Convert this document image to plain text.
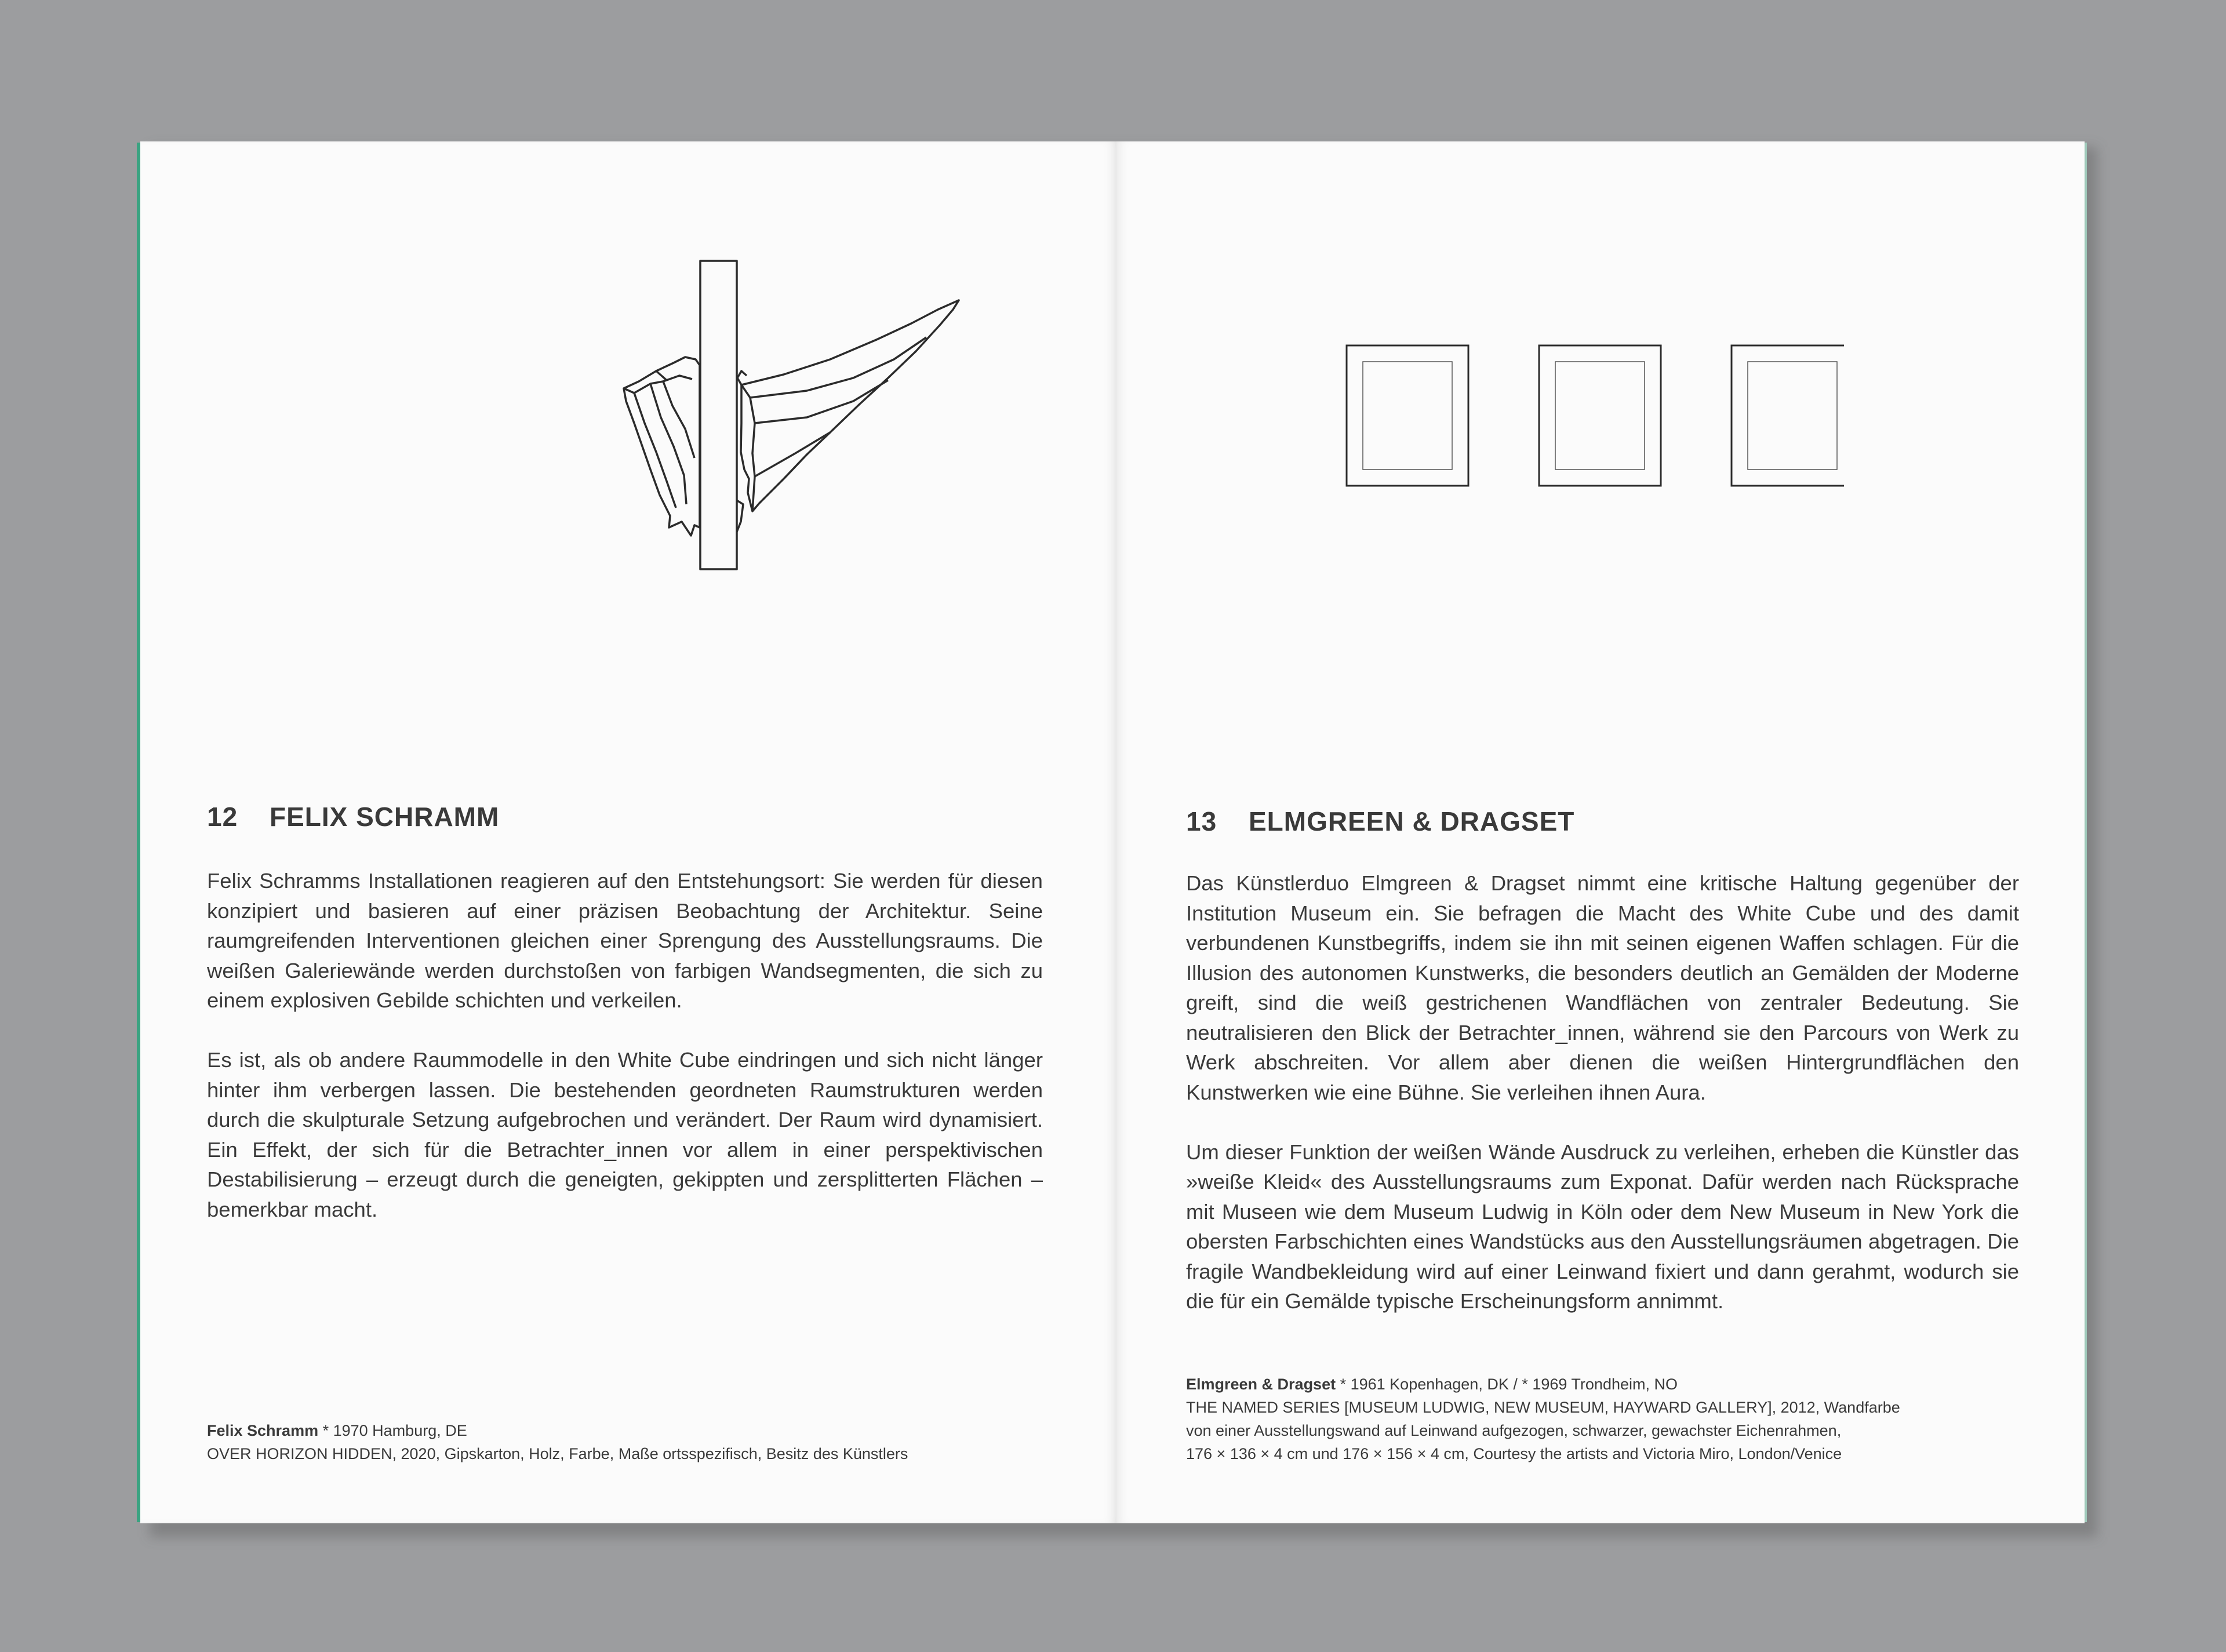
12 FELIX SCHRAMM

Felix Schramms Installationen reagieren auf den Entstehungsort: Sie werden für diesen konzipiert und basieren auf einer präzisen Beobachtung der Architektur. Seine raumgreifenden Interventionen gleichen einer Sprengung des Ausstellungsraums. Die weißen Galeriewände werden durchstoßen von farbigen Wandsegmenten, die sich zu einem explosiven Gebilde schichten und verkeilen.

Es ist, als ob andere Raummodelle in den White Cube eindringen und sich nicht länger hinter ihm verbergen lassen. Die bestehenden geordneten Raumstrukturen werden durch die skulpturale Setzung aufgebrochen und verändert. Der Raum wird dynamisiert. Ein Effekt, der sich für die Betrachter_innen vor allem in einer perspektivischen Destabilisierung – erzeugt durch die geneigten, gekippten und zersplitterten Flächen – bemerkbar macht.

Felix Schramm * 1970 Hamburg, DE
OVER HORIZON HIDDEN, 2020, Gipskarton, Holz, Farbe, Maße ortsspezifisch, Besitz des Künstlers
13 ELMGREEN & DRAGSET

Das Künstlerduo Elmgreen & Dragset nimmt eine kritische Haltung gegenüber der Institution Museum ein. Sie befragen die Macht des White Cube und des damit verbundenen Kunstbegriffs, indem sie ihn mit seinen eigenen Waffen schlagen. Für die Illusion des autonomen Kunstwerks, die besonders deutlich an Gemälden der Moderne greift, sind die weiß gestrichenen Wandflächen von zentraler Bedeutung. Sie neutralisieren den Blick der Betrachter_innen, während sie den Parcours von Werk zu Werk abschreiten. Vor allem aber dienen die weißen Hintergrundflächen den Kunstwerken wie eine Bühne. Sie verleihen ihnen Aura.

Um dieser Funktion der weißen Wände Ausdruck zu verleihen, erheben die Künstler das »weiße Kleid« des Ausstellungsraums zum Exponat. Dafür werden nach Rücksprache mit Museen wie dem Museum Ludwig in Köln oder dem New Museum in New York die obersten Farbschichten eines Wandstücks aus den Ausstellungsräumen abgetragen. Die fragile Wandbekleidung wird auf einer Leinwand fixiert und dann gerahmt, wodurch sie die für ein Gemälde typische Erscheinungsform annimmt.

Elmgreen & Dragset * 1961 Kopenhagen, DK / * 1969 Trondheim, NO
THE NAMED SERIES [MUSEUM LUDWIG, NEW MUSEUM, HAYWARD GALLERY], 2012, Wandfarbe
von einer Ausstellungswand auf Leinwand aufgezogen, schwarzer, gewachster Eichenrahmen,
176 × 136 × 4 cm und 176 × 156 × 4 cm, Courtesy the artists and Victoria Miro, London/Venice
